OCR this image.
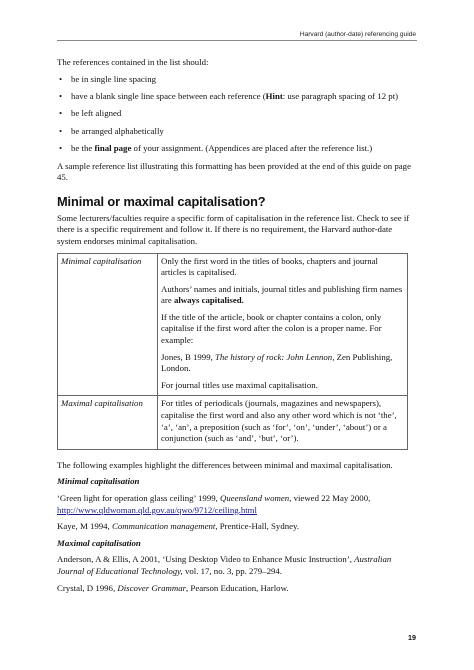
Harvard (author-date) referencing guide

The references contained in the list should:

• be in single line spacing
• have a blank single line space between each reference (Hint: use paragraph spacing of 12 pt)
• be left aligned
• be arranged alphabetically
• be the final page of your assignment. (Appendices are placed after the reference list.)

A sample reference list illustrating this formatting has been provided at the end of this guide on page 45.

Minimal or maximal capitalisation?

Some lecturers/faculties require a specific form of capitalisation in the reference list. Check to see if there is a specific requirement and follow it. If there is no requirement, the Harvard author-date system endorses minimal capitalisation.

Minimal capitalisation	Only the first word in the titles of books, chapters and journal articles is capitalised.

Authors’ names and initials, journal titles and publishing firm names are always capitalised.

If the title of the article, book or chapter contains a colon, only capitalise if the first word after the colon is a proper name. For example:

Jones, B 1999, The history of rock: John Lennon, Zen Publishing, London.

For journal titles use maximal capitalisation.

Maximal capitalisation	For titles of periodicals (journals, magazines and newspapers), capitalise the first word and also any other word which is not ‘the’, ‘a’, ‘an’, a preposition (such as ‘for’, ‘on’, ‘under’, ‘about’) or a conjunction (such as ‘and’, ‘but’, ‘or’).

The following examples highlight the differences between minimal and maximal capitalisation.

Minimal capitalisation

‘Green light for operation glass ceiling’ 1999, Queensland women, viewed 22 May 2000,
http://www.qldwoman.qld.gov.au/qwo/9712/ceiling.html

Kaye, M 1994, Communication management, Prentice-Hall, Sydney.

Maximal capitalisation

Anderson, A & Ellis, A 2001, ‘Using Desktop Video to Enhance Music Instruction’, Australian Journal of Educational Technology, vol. 17, no. 3, pp. 279–294.

Crystal, D 1996, Discover Grammar, Pearson Education, Harlow.

19
